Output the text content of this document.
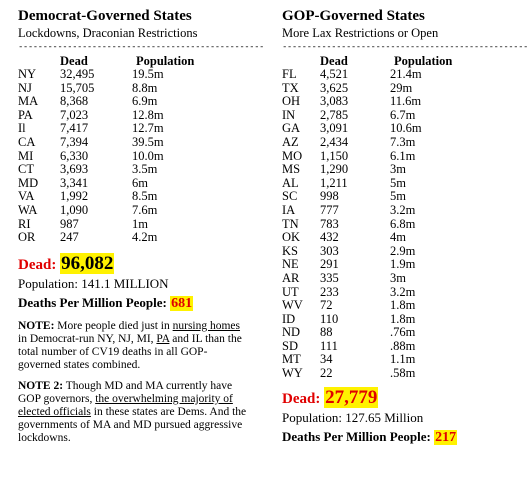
Democrat-Governed States
Lockdowns, Draconian Restrictions
--------------------------------------------------
	Dead	Population
NY	32,495	19.5m
NJ	15,705	8.8m
MA	8,368	6.9m
PA	7,023	12.8m
Il	7,417	12.7m
CA	7,394	39.5m
MI	6,330	10.0m
CT	3,693	3.5m
MD	3,341	6m
VA	1,992	8.5m
WA	1,090	7.6m
RI	987	1m
OR	247	4.2m
Dead: 96,082
Population: 141.1 MILLION
Deaths Per Million People: 681
NOTE: More people died just in nursing homes in Democrat-run NY, NJ, MI, PA and IL than the total number of CV19 deaths in all GOP-governed states combined.
NOTE 2: Though MD and MA currently have GOP governors, the overwhelming majority of elected officials in these states are Dems. And the governments of MA and MD pursued aggressive lockdowns.
GOP-Governed States
More Lax Restrictions or Open
--------------------------------------------------
	Dead	Population
FL	4,521	21.4m
TX	3,625	29m
OH	3,083	11.6m
IN	2,785	6.7m
GA	3,091	10.6m
AZ	2,434	7.3m
MO	1,150	6.1m
MS	1,290	3m
AL	1,211	5m
SC	998	5m
IA	777	3.2m
TN	783	6.8m
OK	432	4m
KS	303	2.9m
NE	291	1.9m
AR	335	3m
UT	233	3.2m
WV	72	1.8m
ID	110	1.8m
ND	88	.76m
SD	111	.88m
MT	34	1.1m
WY	22	.58m
Dead: 27,779
Population: 127.65 Million
Deaths Per Million People: 217
